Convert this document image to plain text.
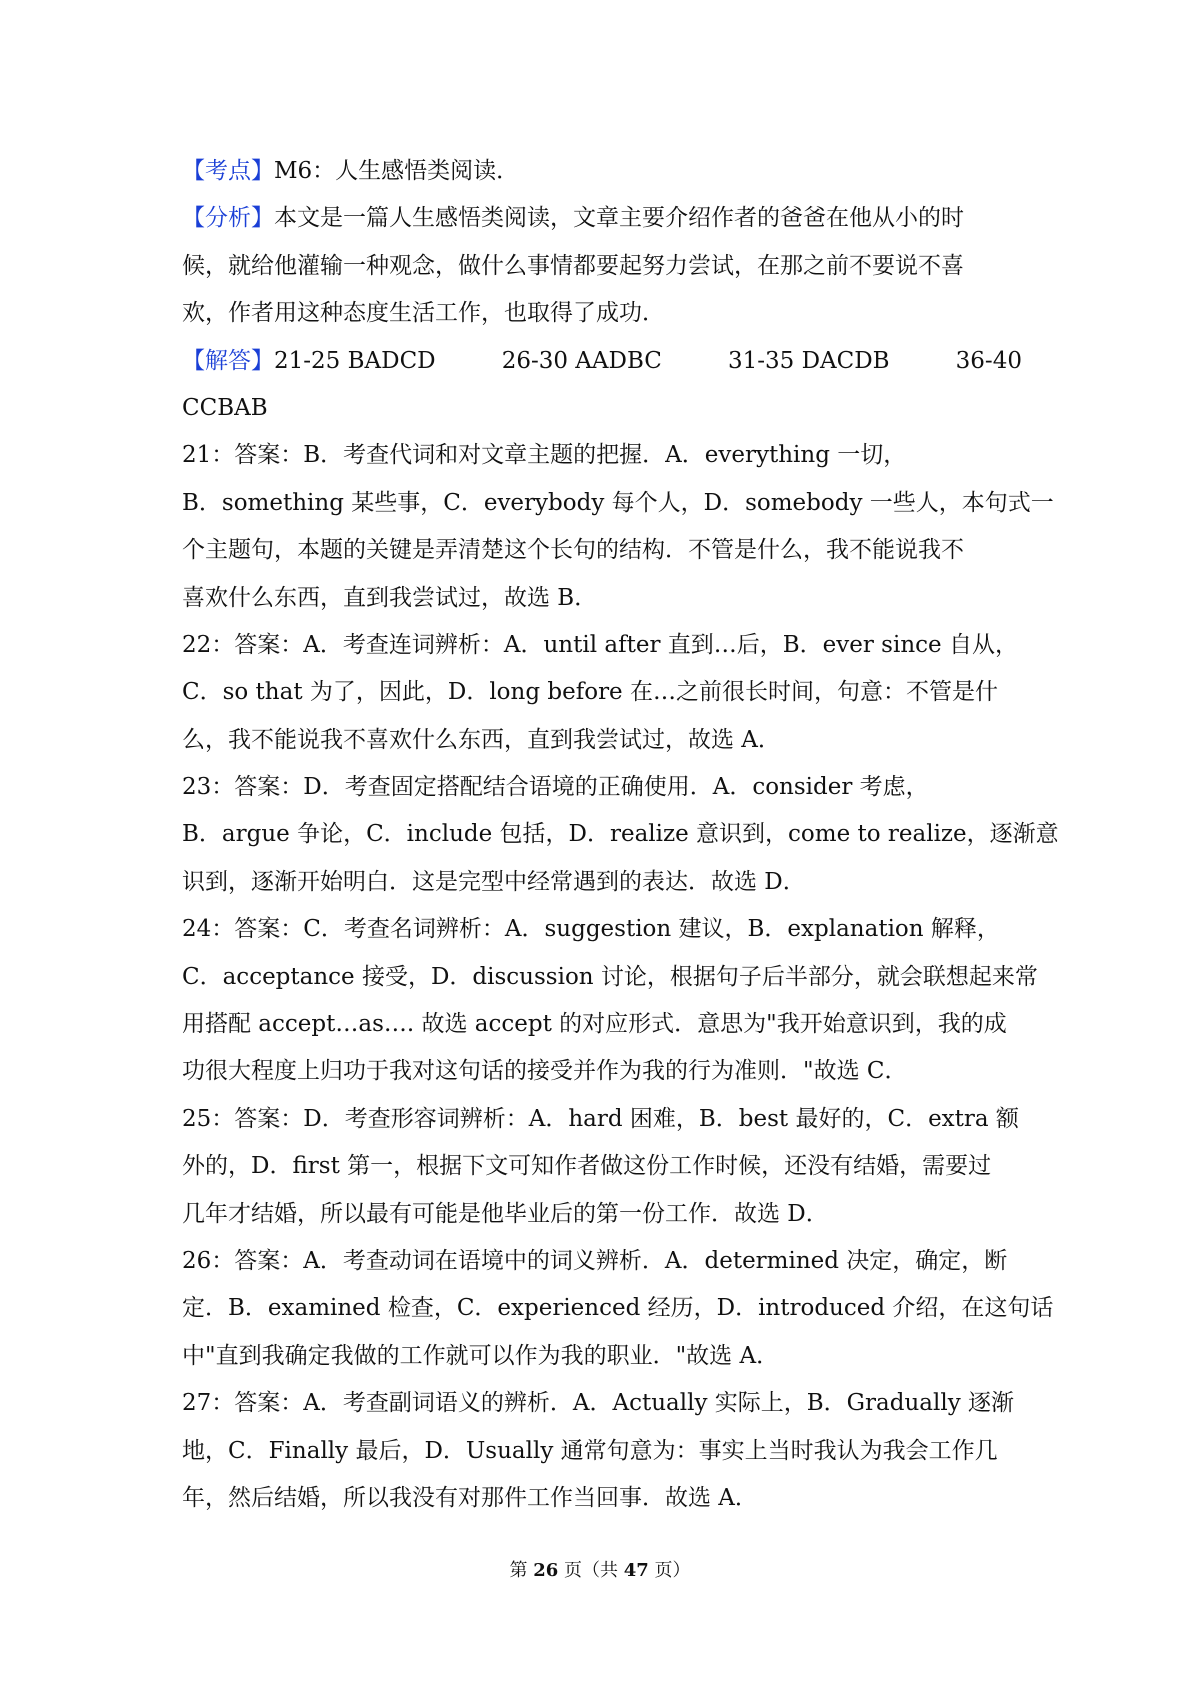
【考点】M6：人生感悟类阅读．
【分析】本文是一篇人生感悟类阅读，文章主要介绍作者的爸爸在他从小的时
候，就给他灌输一种观念，做什么事情都要起努力尝试，在那之前不要说不喜
欢，作者用这种态度生活工作，也取得了成功．
【解答】21-25 BADCD	26-30 AADBC	31-35 DACDB	36-40
CCBAB
21：答案：B．考查代词和对文章主题的把握．A．everything 一切，
B．something 某些事，C．everybody 每个人，D．somebody 一些人，本句式一
个主题句，本题的关键是弄清楚这个长句的结构．不管是什么，我不能说我不
喜欢什么东西，直到我尝试过，故选 B．
22：答案：A．考查连词辨析：A．until after 直到…后，B．ever since 自从，
C．so that 为了，因此，D．long before 在…之前很长时间，句意：不管是什
么，我不能说我不喜欢什么东西，直到我尝试过，故选 A．
23：答案：D．考查固定搭配结合语境的正确使用．A．consider 考虑，
B．argue 争论，C．include 包括，D．realize 意识到，come to realize，逐渐意
识到，逐渐开始明白．这是完型中经常遇到的表达．故选 D．
24：答案：C．考查名词辨析：A．suggestion 建议，B．explanation 解释，
C．acceptance 接受，D．discussion 讨论，根据句子后半部分，就会联想起来常
用搭配 accept…as…. 故选 accept 的对应形式．意思为"我开始意识到，我的成
功很大程度上归功于我对这句话的接受并作为我的行为准则．"故选 C．
25：答案：D．考查形容词辨析：A．hard 困难，B．best 最好的，C．extra 额
外的，D．first 第一，根据下文可知作者做这份工作时候，还没有结婚，需要过
几年才结婚，所以最有可能是他毕业后的第一份工作．故选 D．
26：答案：A．考查动词在语境中的词义辨析．A．determined 决定，确定，断
定．B．examined 检查，C．experienced 经历，D．introduced 介绍，在这句话
中"直到我确定我做的工作就可以作为我的职业．"故选 A．
27：答案：A．考查副词语义的辨析．A．Actually 实际上，B．Gradually 逐渐
地，C．Finally 最后，D．Usually 通常句意为：事实上当时我认为我会工作几
年，然后结婚，所以我没有对那件工作当回事．故选 A．
第 26 页（共 47 页）
